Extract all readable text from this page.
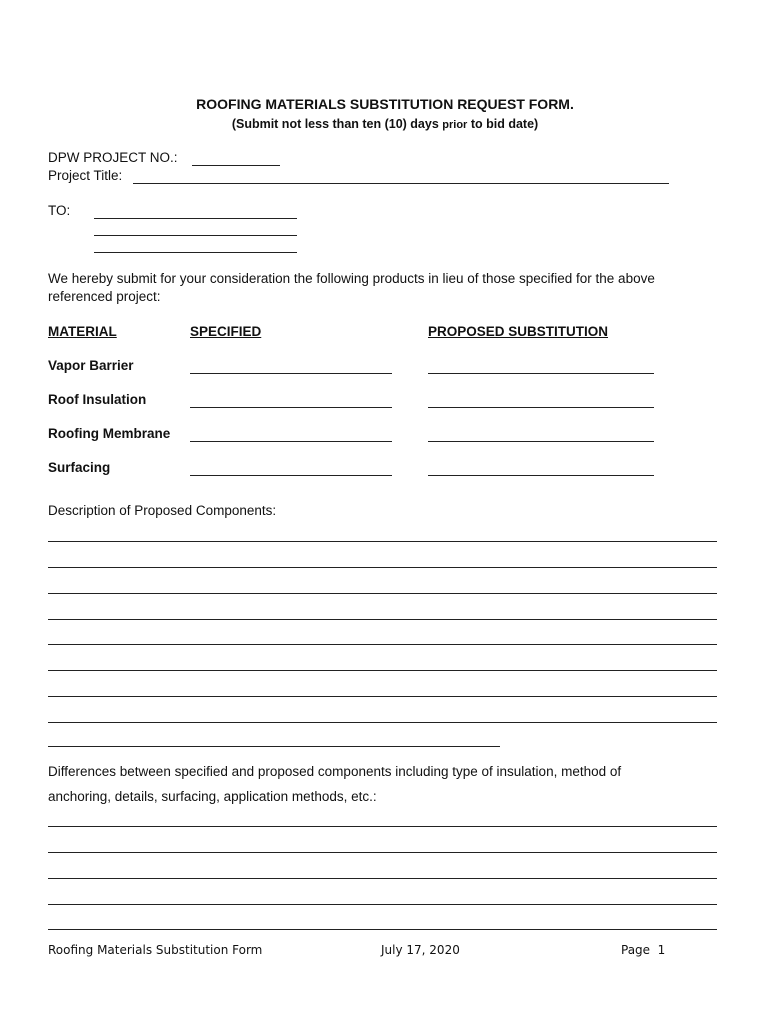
ROOFING MATERIALS SUBSTITUTION REQUEST FORM.
(Submit not less than ten (10) days prior to bid date)
DPW PROJECT NO.:
Project Title:
TO:
We hereby submit for your consideration the following products in lieu of those specified for the above
referenced project:
MATERIAL	SPECIFIED	PROPOSED SUBSTITUTION
Vapor Barrier
Roof Insulation
Roofing Membrane
Surfacing
Description of Proposed Components:
Differences between specified and proposed components including type of insulation, method of
anchoring, details, surfacing, application methods, etc.:
Roofing Materials Substitution Form	July 17, 2020	Page  1
